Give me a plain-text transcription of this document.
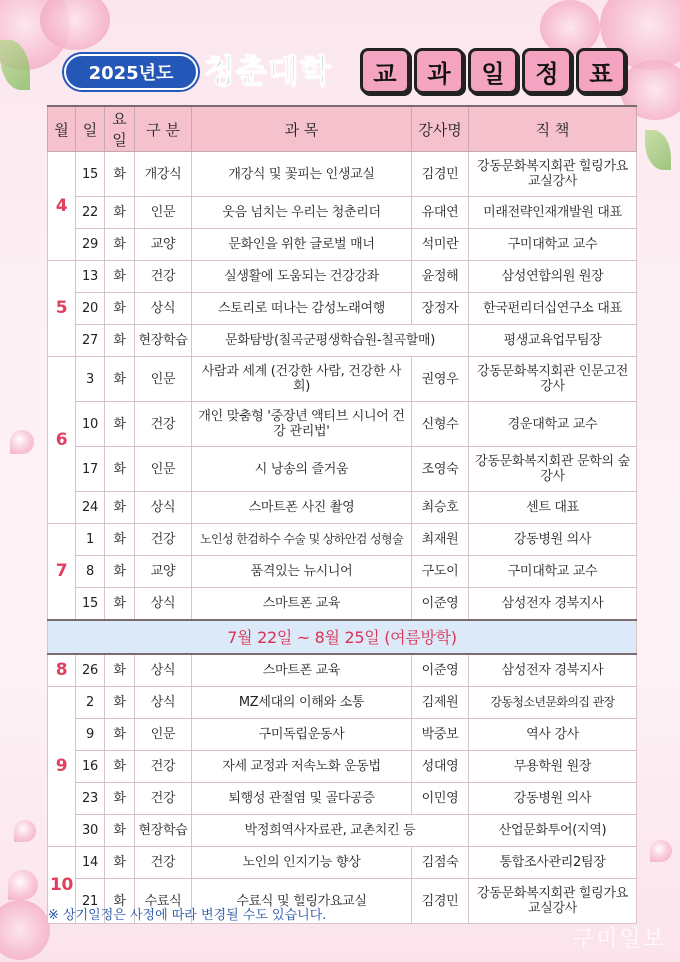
2025년도 청춘대학	교	과	일	정	표
월	일	요일	구 분	과 목	강사명	직 책
4	15	화	개강식	개강식 및 꽃피는 인생교실	김경민	강동문화복지회관 힐링가요교실강사
	22	화	인문	웃음 넘치는 우리는 청춘리더	유대연	미래전략인재개발원 대표
	29	화	교양	문화인을 위한 글로벌 매너	석미란	구미대학교 교수
5	13	화	건강	실생활에 도움되는 건강강좌	윤정해	삼성연합의원 원장
	20	화	상식	스토리로 떠나는 감성노래여행	장정자	한국펀리더십연구소 대표
	27	화	현장학습	문화탐방(칠곡군평생학습원-칠곡할매)		평생교육업무팀장
6	3	화	인문	사람과 세계 (건강한 사람, 건강한 사회)	권영우	강동문화복지회관 인문고전 강사
	10	화	건강	개인 맞춤형 '중장년 액티브 시니어 건강 관리법'	신형수	경운대학교 교수
	17	화	인문	시 낭송의 즐거움	조영숙	강동문화복지회관 문학의 숲 강사
	24	화	상식	스마트폰 사진 촬영	최승호	센트 대표
7	1	화	건강	노인성 한검하수 수술 및 상하안검 성형술	최재원	강동병원 의사
	8	화	교양	품격있는 뉴시니어	구도이	구미대학교 교수
	15	화	상식	스마트폰 교육	이준영	삼성전자 경북지사
7월 22일 ~ 8월 25일 (여름방학)						
8	26	화	상식	스마트폰 교육	이준영	삼성전자 경북지사
9	2	화	상식	MZ세대의 이해와 소통	김제원	강동청소년문화의집 관장
	9	화	인문	구미독립운동사	박중보	역사 강사
	16	화	건강	자세 교정과 저속노화 운동법	성대영	무용학원 원장
	23	화	건강	퇴행성 관절염 및 골다공증	이민영	강동병원 의사
	30	화	현장학습	박정희역사자료관, 교촌치킨 등		산업문화투어(지역)
10	14	화	건강	노인의 인지기능 향상	김점숙	통합조사관리2팀장
	21	화	수료식	수료식 및 힐링가요교실	김경민	강동문화복지회관 힐링가요교실강사
※ 상기일정은 사정에 따라 변경될 수도 있습니다.
구미일보
